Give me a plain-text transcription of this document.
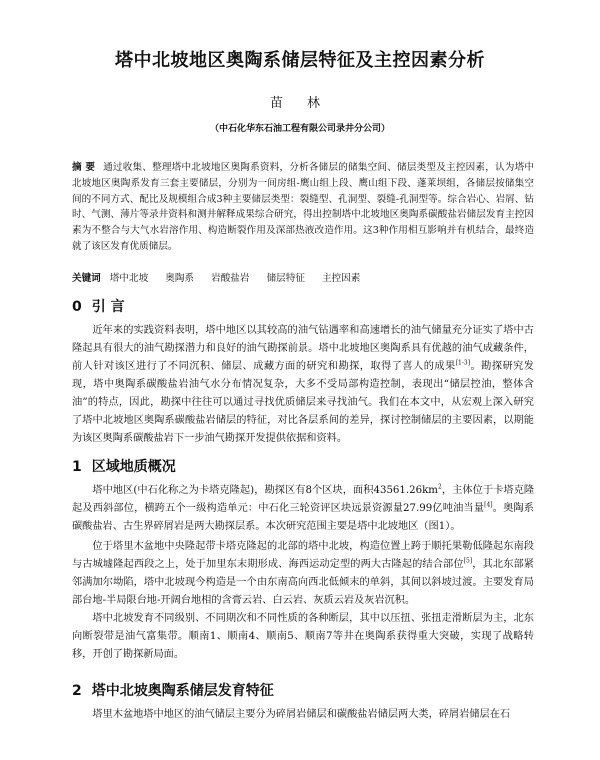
塔中北坡地区奥陶系储层特征及主控因素分析
苗 林
（中石化华东石油工程有限公司录井分公司）
摘 要 通过收集、整理塔中北坡地区奥陶系资料，分析各储层的储集空间、储层类型及主控因素，认为塔中北坡地区奥陶系发育三套主要储层，分别为一间房组-鹰山组上段、鹰山组下段、蓬莱坝组，各储层按储集空间的不同方式、配比及规模组合成3种主要储层类型：裂缝型、孔洞型、裂缝-孔洞型等。综合岩心、岩屑、钻时、气测、薄片等录井资料和测井解释成果综合研究，得出控制塔中北坡地区奥陶系碳酸盐岩储层发育主控因素为不整合与大气水岩溶作用、构造断裂作用及深部热液改造作用。这3种作用相互影响并有机结合，最终造就了该区发育优质储层。
关键词 塔中北坡 奥陶系 岩酸盐岩 储层特征 主控因素
0 引 言

近年来的实践资料表明，塔中地区以其较高的油气钻遇率和高速增长的油气储量充分证实了塔中古隆起具有很大的油气勘探潜力和良好的油气勘探前景。塔中北坡地区奥陶系具有优越的油气成藏条件，前人针对该区进行了不同沉积、储层、成藏方面的研究和勘探，取得了喜人的成果[1-3]。勘探研究发现，塔中奥陶系碳酸盐岩油气水分布情况复杂，大多不受局部构造控制，表现出“储层控油，整体含油”的特点，因此，勘探中往往可以通过寻找优质储层来寻找油气。我们在本文中，从宏观上深入研究了塔中北坡地区奥陶系碳酸盐岩储层的特征，对比各层系间的差异，探讨控制储层的主要因素，以期能为该区奥陶系碳酸盐岩下一步油气勘探开发提供依据和资料。

1 区域地质概况

塔中地区(中石化称之为卡塔克隆起)，勘探区有8个区块，面积$43561.26km^2$，主体位于卡塔克隆起及西斜部位，横跨五个一级构造单元：中石化三轮资评区块远景资源量27.99亿吨油当量[4]。奥陶系碳酸盐岩、古生界碎屑岩是两大勘探层系。本次研究范围主要是塔中北坡地区（图1）。

位于塔里木盆地中央隆起带卡塔克隆起的北部的塔中北坡，构造位置上跨于顺托果勒低隆起东南段与古城墟隆起西段之上，处于加里东末期形成、海西运动定型的两大古隆起的结合部位[5]，其北东部紧邻满加尔坳陷，塔中北坡现今构造是一个由东南高向西北低倾末的单斜，其间以斜坡过渡。主要发育局部台地-半局限台地-开阔台地相的含膏云岩、白云岩、灰质云岩及灰岩沉积。

塔中北坡发育不同级别、不同期次和不同性质的各种断层，其中以压扭、张扭走滑断层为主，北东向断裂带是油气富集带。顺南1、顺南4、顺南5、顺南7等井在奥陶系获得重大突破，实现了战略转移，开创了勘探新局面。

2 塔中北坡奥陶系储层发育特征

塔里木盆地塔中地区的油气储层主要分为碎屑岩储层和碳酸盐岩储层两大类，碎屑岩储层在石
